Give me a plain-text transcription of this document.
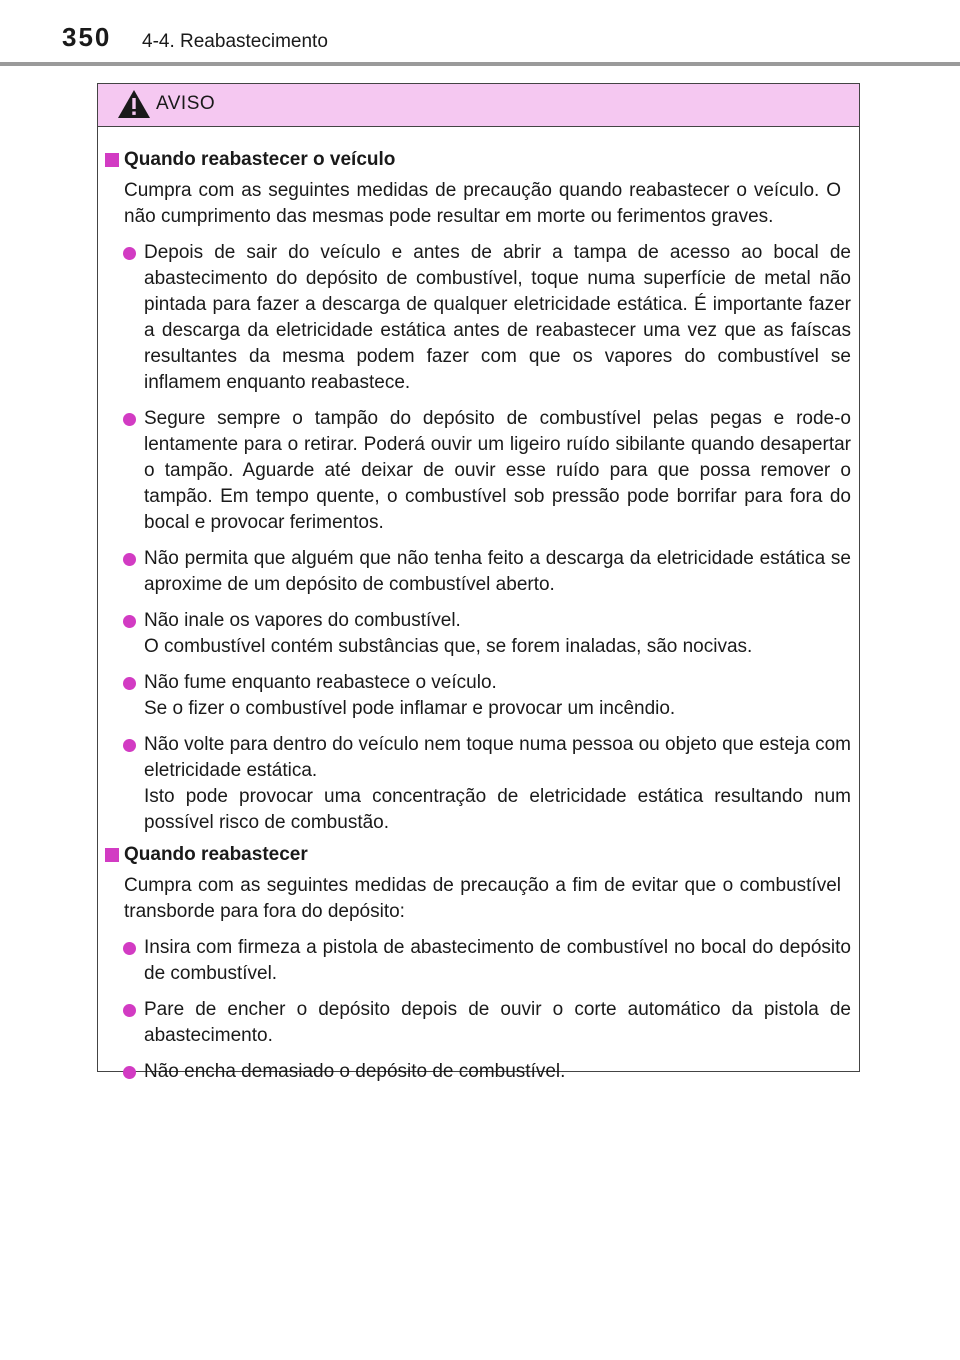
350 4-4. Reabastecimento
AVISO
Quando reabastecer o veículo
Cumpra com as seguintes medidas de precaução quando reabastecer o veículo. O não cumprimento das mesmas pode resultar em morte ou ferimentos graves.
Depois de sair do veículo e antes de abrir a tampa de acesso ao bocal de abastecimento do depósito de combustível, toque numa superfície de metal não pintada para fazer a descarga de qualquer eletricidade estática. É importante fazer a descarga da eletricidade estática antes de reabastecer uma vez que as faíscas resultantes da mesma podem fazer com que os vapores do combustível se inflamem enquanto reabastece.
Segure sempre o tampão do depósito de combustível pelas pegas e rode-o lentamente para o retirar. Poderá ouvir um ligeiro ruído sibilante quando desapertar o tampão. Aguarde até deixar de ouvir esse ruído para que possa remover o tampão. Em tempo quente, o combustível sob pressão pode borrifar para fora do bocal e provocar ferimentos.
Não permita que alguém que não tenha feito a descarga da eletricidade estática se aproxime de um depósito de combustível aberto.
Não inale os vapores do combustível.
O combustível contém substâncias que, se forem inaladas, são nocivas.
Não fume enquanto reabastece o veículo.
Se o fizer o combustível pode inflamar e provocar um incêndio.
Não volte para dentro do veículo nem toque numa pessoa ou objeto que esteja com eletricidade estática.
Isto pode provocar uma concentração de eletricidade estática resultando num possível risco de combustão.
Quando reabastecer
Cumpra com as seguintes medidas de precaução a fim de evitar que o combustível transborde para fora do depósito:
Insira com firmeza a pistola de abastecimento de combustível no bocal do depósito de combustível.
Pare de encher o depósito depois de ouvir o corte automático da pistola de abastecimento.
Não encha demasiado o depósito de combustível.
